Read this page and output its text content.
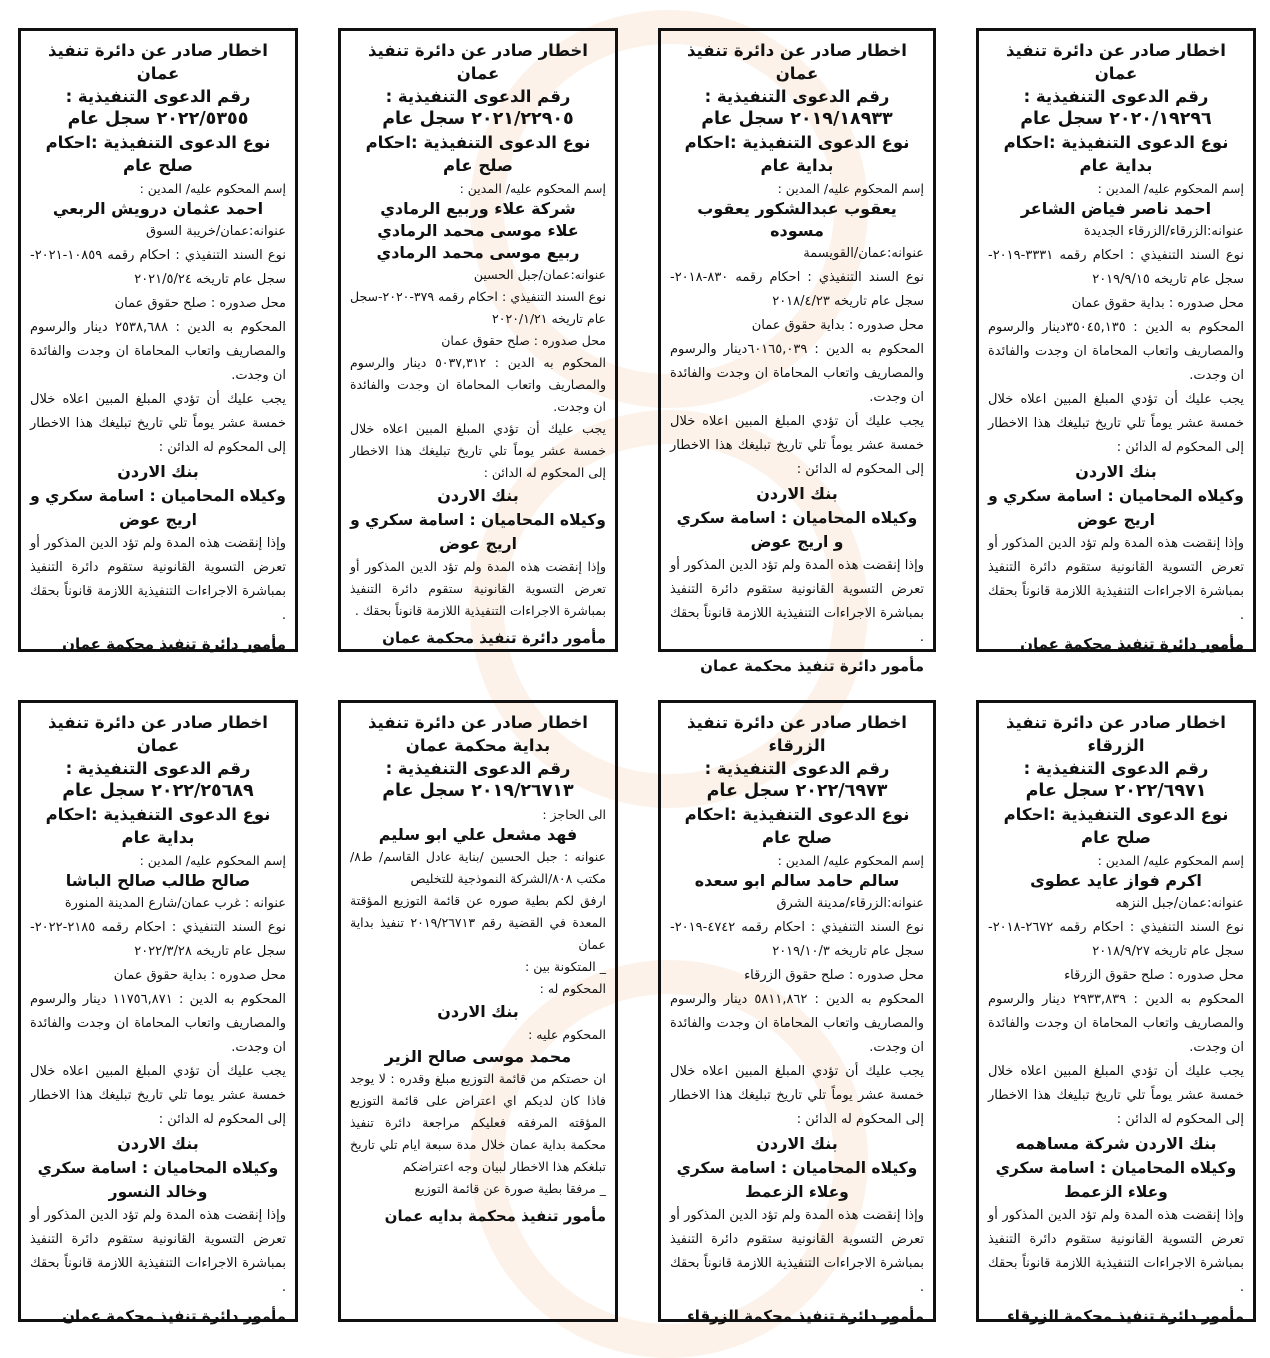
اخطار صادر عن دائرة تنفيذ عمان
رقم الدعوى التنفيذية :
٢٠٢٠/١٩٢٩٦ سجل عام
نوع الدعوى التنفيذية :احكام بداية عام
إسم المحكوم عليه/ المدين :
احمد ناصر فياض الشاعر
عنوانه:الزرقاء/الزرقاء الجديدة
نوع السند التنفيذي : احكام رقمه ٣٣٣١-٢٠١٩-سجل عام تاريخه ٢٠١٩/٩/١٥
محل صدوره : بداية حقوق عمان
المحكوم به الدين : ٣٥٠٤٥,١٣٥دينار والرسوم والمصاريف واتعاب المحاماة ان وجدت والفائدة ان وجدت.
يجب عليك أن تؤدي المبلغ المبين اعلاه خلال خمسة عشر يوماً تلي تاريخ تبليغك هذا الاخطار إلى المحكوم له الدائن :
بنك الاردن
وكيلاه المحاميان : اسامة سكري و اريج عوض
وإذا إنقضت هذه المدة ولم تؤد الدين المذكور أو تعرض التسوية القانونية ستقوم دائرة التنفيذ بمباشرة الاجراءات التنفيذية اللازمة قانوناً بحقك .
مأمور دائرة تنفيذ محكمة عمان
اخطار صادر عن دائرة تنفيذ عمان
رقم الدعوى التنفيذية :
٢٠١٩/١٨٩٣٣ سجل عام
نوع الدعوى التنفيذية :احكام بداية عام
إسم المحكوم عليه/ المدين :
يعقوب عبدالشكور يعقوب مسوده
عنوانه:عمان/القويسمة
نوع السند التنفيذي : احكام رقمه ٨٣٠-٢٠١٨-سجل عام تاريخه ٢٠١٨/٤/٢٣
محل صدوره : بداية حقوق عمان
المحكوم به الدين : ٦٠١٦٥,٠٣٩دينار والرسوم والمصاريف واتعاب المحاماة ان وجدت والفائدة ان وجدت.
يجب عليك أن تؤدي المبلغ المبين اعلاه خلال خمسة عشر يوماً تلي تاريخ تبليغك هذا الاخطار إلى المحكوم له الدائن :
بنك الاردن
وكيلاه المحاميان : اسامة سكري و اريج عوض
وإذا إنقضت هذه المدة ولم تؤد الدين المذكور أو تعرض التسوية القانونية ستقوم دائرة التنفيذ بمباشرة الاجراءات التنفيذية اللازمة قانوناً بحقك .
مأمور دائرة تنفيذ محكمة عمان
اخطار صادر عن دائرة تنفيذ عمان
رقم الدعوى التنفيذية :
٢٠٢١/٢٢٩٠٥ سجل عام
نوع الدعوى التنفيذية :احكام صلح عام
إسم المحكوم عليه/ المدين :
شركة علاء وربيع الرمادي
علاء موسى محمد الرمادي
ربيع موسى محمد الرمادي
عنوانه:عمان/جبل الحسين
نوع السند التنفيذي : احكام رقمه ٣٧٩-٢٠٢٠-سجل عام تاريخه ٢٠٢٠/١/٢١
محل صدوره : صلح حقوق عمان
المحكوم به الدين : ٥٠٣٧,٣١٢ دينار والرسوم والمصاريف واتعاب المحاماة ان وجدت والفائدة ان وجدت.
يجب عليك أن تؤدي المبلغ المبين اعلاه خلال خمسة عشر يوماً تلي تاريخ تبليغك هذا الاخطار إلى المحكوم له الدائن :
بنك الاردن
وكيلاه المحاميان : اسامة سكري و اريج عوض
وإذا إنقضت هذه المدة ولم تؤد الدين المذكور أو تعرض التسوية القانونية ستقوم دائرة التنفيذ بمباشرة الاجراءات التنفيذية اللازمة قانوناً بحقك .
مأمور دائرة تنفيذ محكمة عمان
اخطار صادر عن دائرة تنفيذ عمان
رقم الدعوى التنفيذية :
٢٠٢٢/٥٣٥٥ سجل عام
نوع الدعوى التنفيذية :احكام صلح عام
إسم المحكوم عليه/ المدين :
احمد عثمان درويش الربعي
عنوانه:عمان/خريبة السوق
نوع السند التنفيذي : احكام رقمه ١٠٨٥٩-٢٠٢١-سجل عام تاريخه ٢٠٢١/٥/٢٤
محل صدوره : صلح حقوق عمان
المحكوم به الدين : ٢٥٣٨,٦٨٨ دينار والرسوم والمصاريف واتعاب المحاماة ان وجدت والفائدة ان وجدت.
يجب عليك أن تؤدي المبلغ المبين اعلاه خلال خمسة عشر يوماً تلي تاريخ تبليغك هذا الاخطار إلى المحكوم له الدائن :
بنك الاردن
وكيلاه المحاميان : اسامة سكري و اريج عوض
وإذا إنقضت هذه المدة ولم تؤد الدين المذكور أو تعرض التسوية القانونية ستقوم دائرة التنفيذ بمباشرة الاجراءات التنفيذية اللازمة قانوناً بحقك .
مأمور دائرة تنفيذ محكمة عمان
اخطار صادر عن دائرة تنفيذ الزرقاء
رقم الدعوى التنفيذية :
٢٠٢٢/٦٩٧١ سجل عام
نوع الدعوى التنفيذية :احكام صلح عام
إسم المحكوم عليه/ المدين :
اكرم فواز عايد عطوى
عنوانه:عمان/جبل النزهه
نوع السند التنفيذي : احكام رقمه ٢٦٧٢-٢٠١٨-سجل عام تاريخه ٢٠١٨/٩/٢٧
محل صدوره : صلح حقوق الزرقاء
المحكوم به الدين : ٢٩٣٣,٨٣٩ دينار والرسوم والمصاريف واتعاب المحاماة ان وجدت والفائدة ان وجدت.
يجب عليك أن تؤدي المبلغ المبين اعلاه خلال خمسة عشر يوماً تلي تاريخ تبليغك هذا الاخطار إلى المحكوم له الدائن :
بنك الاردن شركة مساهمه
وكيلاه المحاميان : اسامة سكري وعلاء الزعمط
وإذا إنقضت هذه المدة ولم تؤد الدين المذكور أو تعرض التسوية القانونية ستقوم دائرة التنفيذ بمباشرة الاجراءات التنفيذية اللازمة قانوناً بحقك .
مأمور دائرة تنفيذ محكمة الزرقاء
اخطار صادر عن دائرة تنفيذ الزرقاء
رقم الدعوى التنفيذية :
٢٠٢٢/٦٩٧٣ سجل عام
نوع الدعوى التنفيذية :احكام صلح عام
إسم المحكوم عليه/ المدين :
سالم حامد سالم ابو سعده
عنوانه:الزرقاء/مدينة الشرق
نوع السند التنفيذي : احكام رقمه ٤٧٤٢-٢٠١٩-سجل عام تاريخه ٢٠١٩/١٠/٣
محل صدوره : صلح حقوق الزرقاء
المحكوم به الدين : ٥٨١١,٨٦٢ دينار والرسوم والمصاريف واتعاب المحاماة ان وجدت والفائدة ان وجدت.
يجب عليك أن تؤدي المبلغ المبين اعلاه خلال خمسة عشر يوماً تلي تاريخ تبليغك هذا الاخطار إلى المحكوم له الدائن :
بنك الاردن
وكيلاه المحاميان : اسامة سكري وعلاء الزعمط
وإذا إنقضت هذه المدة ولم تؤد الدين المذكور أو تعرض التسوية القانونية ستقوم دائرة التنفيذ بمباشرة الاجراءات التنفيذية اللازمة قانوناً بحقك .
مأمور دائرة تنفيذ محكمة الزرقاء
اخطار صادر عن دائرة تنفيذ بداية محكمة عمان
رقم الدعوى التنفيذية :
٢٠١٩/٢٦٧١٣ سجل عام
الى الحاجز :
فهد مشعل علي ابو سليم
عنوانه : جبل الحسين /بناية عادل القاسم/ ط٨/مكتب ٨٠٨/الشركة النموذجية للتخليص
ارفق لكم بطية صوره عن قائمة التوزيع المؤقتة المعدة في القضية رقم ٢٠١٩/٢٦٧١٣ تنفيذ بداية عمان
_ المتكونة بين :
المحكوم له :
بنك الاردن
المحكوم عليه :
محمد موسى صالح الزير
ان حصتكم من قائمة التوزيع مبلغ وقدره : لا يوجد فاذا كان لديكم اي اعتراض على قائمة التوزيع المؤقته المرفقه فعليكم مراجعة دائرة تنفيذ محكمة بداية عمان خلال مدة سبعة ايام تلي تاريخ تبلغكم هذا الاخطار لبيان وجه اعتراضكم
_ مرفقا بطية صورة عن قائمة التوزيع
مأمور تنفيذ محكمة بدايه عمان
اخطار صادر عن دائرة تنفيذ عمان
رقم الدعوى التنفيذية :
٢٠٢٢/٢٥٦٨٩ سجل عام
نوع الدعوى التنفيذية :احكام بداية عام
إسم المحكوم عليه/ المدين :
صالح طالب صالح الباشا
عنوانه : غرب عمان/شارع المدينة المنورة
نوع السند التنفيذي : احكام رقمه ٢١٨٥-٢٠٢٢-سجل عام تاريخه ٢٠٢٢/٣/٢٨
محل صدوره : بداية حقوق عمان
المحكوم به الدين : ١١٧٥٦,٨٧١ دينار والرسوم والمصاريف واتعاب المحاماة ان وجدت والفائدة ان وجدت.
يجب عليك أن تؤدي المبلغ المبين اعلاه خلال خمسة عشر يوما تلي تاريخ تبليغك هذا الاخطار إلى المحكوم له الدائن :
بنك الاردن
وكيلاه المحاميان : اسامة سكري وخالد النسور
وإذا إنقضت هذه المدة ولم تؤد الدين المذكور أو تعرض التسوية القانونية ستقوم دائرة التنفيذ بمباشرة الاجراءات التنفيذية اللازمة قانوناً بحقك .
مأمور دائرة تنفيذ محكمة عمان
